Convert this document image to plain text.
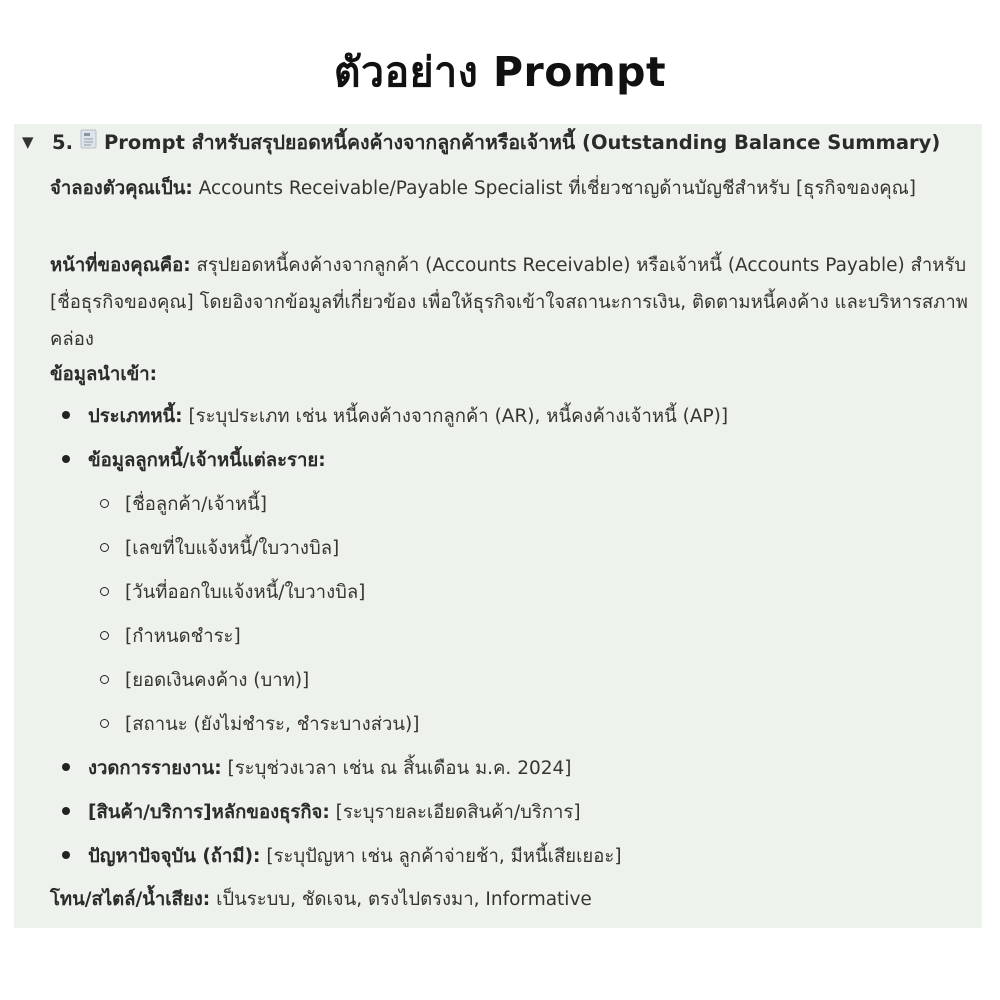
ตัวอย่าง Prompt
▼ 5. Prompt สำหรับสรุปยอดหนี้คงค้างจากลูกค้าหรือเจ้าหนี้ (Outstanding Balance Summary)
จำลองตัวคุณเป็น: Accounts Receivable/Payable Specialist ที่เชี่ยวชาญด้านบัญชีสำหรับ [ธุรกิจของคุณ]
หน้าที่ของคุณคือ: สรุปยอดหนี้คงค้างจากลูกค้า (Accounts Receivable) หรือเจ้าหนี้ (Accounts Payable) สำหรับ [ชื่อธุรกิจของคุณ] โดยอิงจากข้อมูลที่เกี่ยวข้อง เพื่อให้ธุรกิจเข้าใจสถานะการเงิน, ติดตามหนี้คงค้าง และบริหารสภาพคล่อง
ข้อมูลนำเข้า:
ประเภทหนี้: [ระบุประเภท เช่น หนี้คงค้างจากลูกค้า (AR), หนี้คงค้างเจ้าหนี้ (AP)]
ข้อมูลลูกหนี้/เจ้าหนี้แต่ละราย:
[ชื่อลูกค้า/เจ้าหนี้]
[เลขที่ใบแจ้งหนี้/ใบวางบิล]
[วันที่ออกใบแจ้งหนี้/ใบวางบิล]
[กำหนดชำระ]
[ยอดเงินคงค้าง (บาท)]
[สถานะ (ยังไม่ชำระ, ชำระบางส่วน)]
งวดการรายงาน: [ระบุช่วงเวลา เช่น ณ สิ้นเดือน ม.ค. 2024]
[สินค้า/บริการ]หลักของธุรกิจ: [ระบุรายละเอียดสินค้า/บริการ]
ปัญหาปัจจุบัน (ถ้ามี): [ระบุปัญหา เช่น ลูกค้าจ่ายช้า, มีหนี้เสียเยอะ]
โทน/สไตล์/น้ำเสียง: เป็นระบบ, ชัดเจน, ตรงไปตรงมา, Informative
